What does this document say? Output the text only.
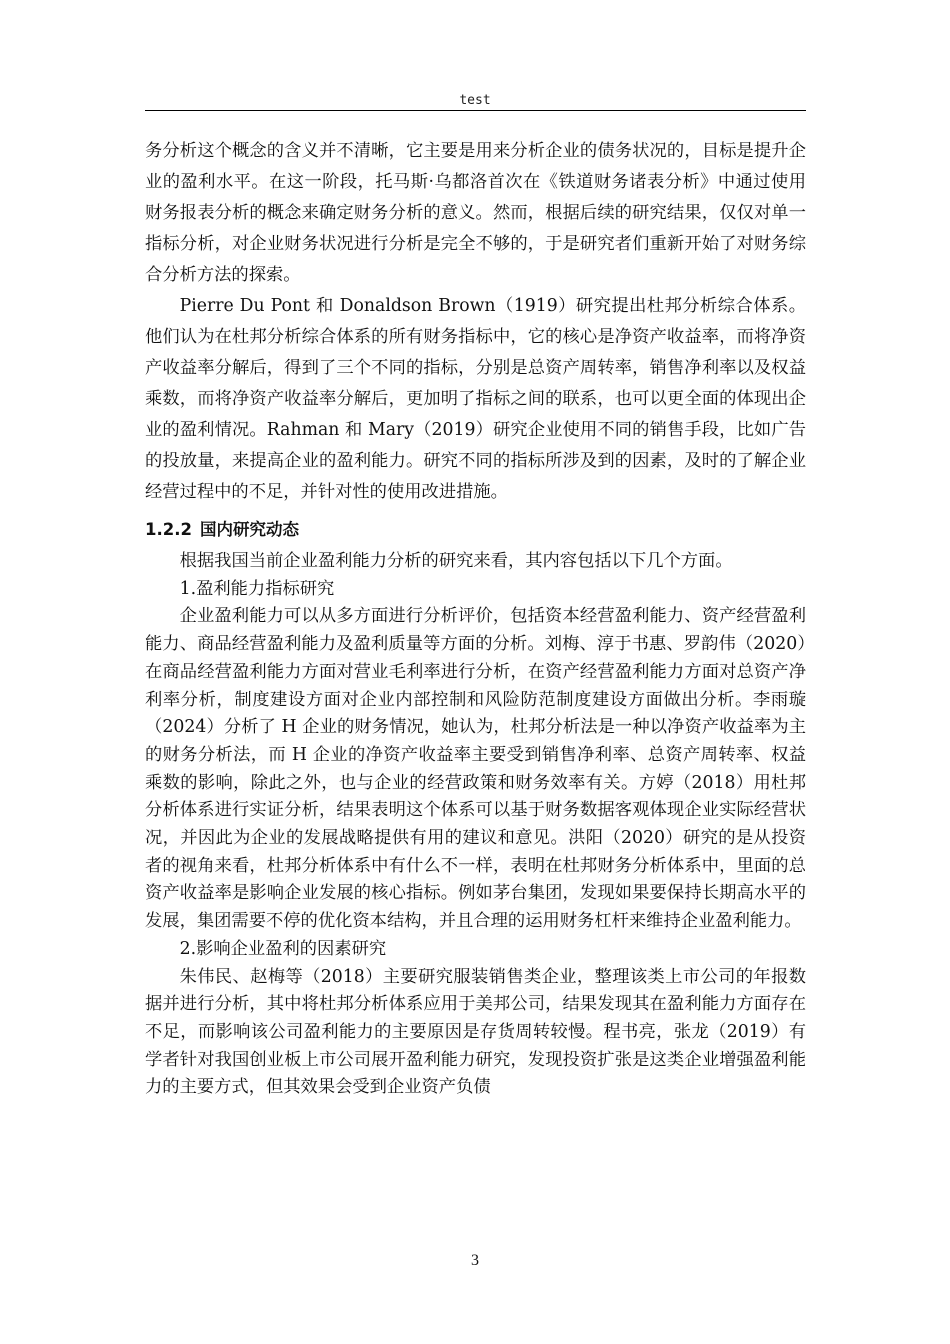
test

务分析这个概念的含义并不清晰，它主要是用来分析企业的债务状况的，目标是提升企业的盈利水平。在这一阶段，托马斯·乌都洛首次在《铁道财务诸表分析》中通过使用财务报表分析的概念来确定财务分析的意义。然而，根据后续的研究结果，仅仅对单一指标分析，对企业财务状况进行分析是完全不够的，于是研究者们重新开始了对财务综合分析方法的探索。

Pierre Du Pont 和 Donaldson Brown（1919）研究提出杜邦分析综合体系。他们认为在杜邦分析综合体系的所有财务指标中，它的核心是净资产收益率，而将净资产收益率分解后，得到了三个不同的指标，分别是总资产周转率，销售净利率以及权益乘数，而将净资产收益率分解后，更加明了指标之间的联系，也可以更全面的体现出企业的盈利情况。Rahman 和 Mary（2019）研究企业使用不同的销售手段，比如广告的投放量，来提高企业的盈利能力。研究不同的指标所涉及到的因素，及时的了解企业经营过程中的不足，并针对性的使用改进措施。

1.2.2 国内研究动态

根据我国当前企业盈利能力分析的研究来看，其内容包括以下几个方面。

1.盈利能力指标研究

企业盈利能力可以从多方面进行分析评价，包括资本经营盈利能力、资产经营盈利能力、商品经营盈利能力及盈利质量等方面的分析。刘梅、淳于书惠、罗韵伟（2020）在商品经营盈利能力方面对营业毛利率进行分析，在资产经营盈利能力方面对总资产净利率分析，制度建设方面对企业内部控制和风险防范制度建设方面做出分析。李雨璇（2024）分析了 H 企业的财务情况，她认为，杜邦分析法是一种以净资产收益率为主的财务分析法，而 H 企业的净资产收益率主要受到销售净利率、总资产周转率、权益乘数的影响，除此之外，也与企业的经营政策和财务效率有关。方婷（2018）用杜邦分析体系进行实证分析，结果表明这个体系可以基于财务数据客观体现企业实际经营状况，并因此为企业的发展战略提供有用的建议和意见。洪阳（2020）研究的是从投资者的视角来看，杜邦分析体系中有什么不一样，表明在杜邦财务分析体系中，里面的总资产收益率是影响企业发展的核心指标。例如茅台集团，发现如果要保持长期高水平的发展，集团需要不停的优化资本结构，并且合理的运用财务杠杆来维持企业盈利能力。

2.影响企业盈利的因素研究

朱伟民、赵梅等（2018）主要研究服装销售类企业，整理该类上市公司的年报数据并进行分析，其中将杜邦分析体系应用于美邦公司，结果发现其在盈利能力方面存在不足，而影响该公司盈利能力的主要原因是存货周转较慢。程书亮，张龙（2019）有学者针对我国创业板上市公司展开盈利能力研究，发现投资扩张是这类企业增强盈利能力的主要方式，但其效果会受到企业资产负债

3
